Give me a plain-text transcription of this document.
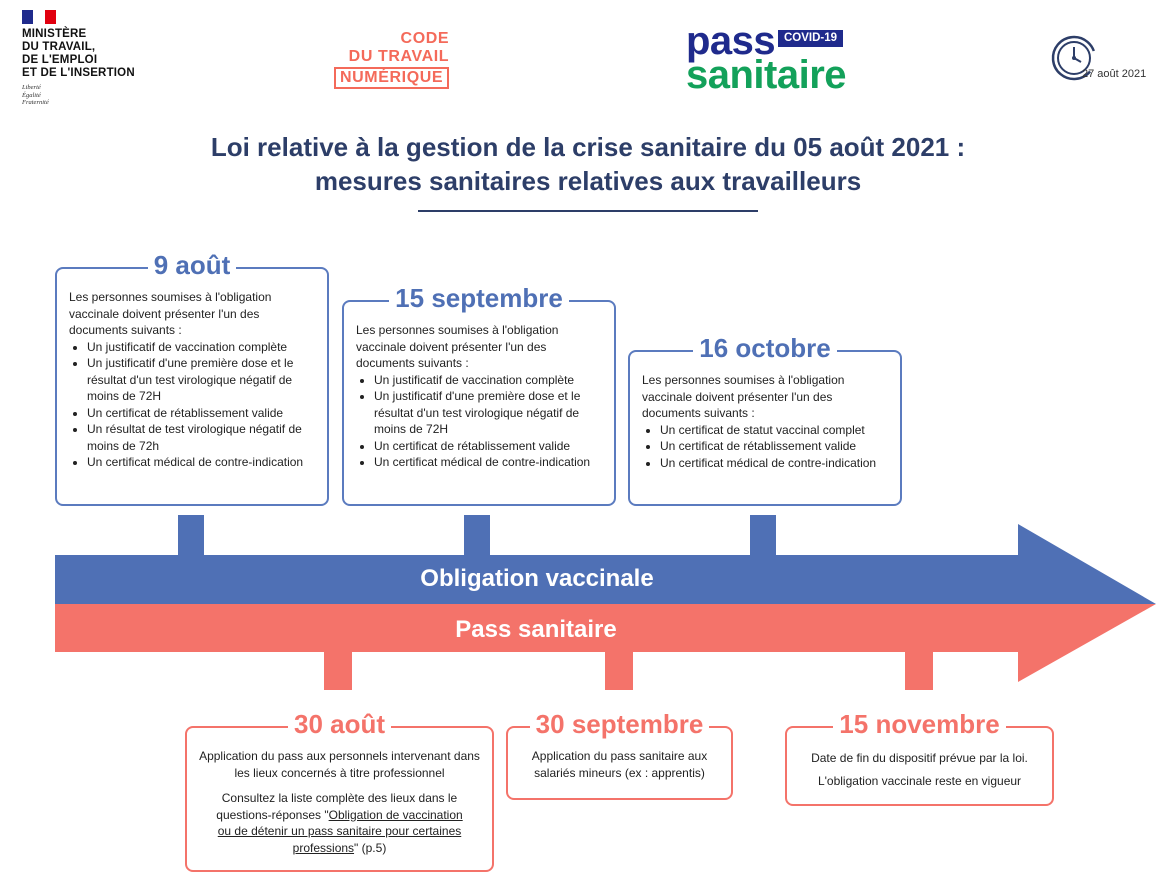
MINISTÈRE
DU TRAVAIL,
DE L'EMPLOI
ET DE L'INSERTION
Liberté
Égalité
Fraternité
CODE
DU TRAVAIL
NUMÉRIQUE
pass COVID-19
sanitaire	27 août 2021
Loi relative à la gestion de la crise sanitaire du 05 août 2021 :
mesures sanitaires relatives aux travailleurs
9 août
Les personnes soumises à l'obligation vaccinale doivent présenter l'un des documents suivants :
• Un justificatif de vaccination complète
• Un justificatif d'une première dose et le résultat d'un test virologique négatif de moins de 72H
• Un certificat de rétablissement valide
• Un résultat de test virologique négatif de moins de 72h
• Un certificat médical de contre-indication
15 septembre
Les personnes soumises à l'obligation vaccinale doivent présenter l'un des documents suivants :
• Un justificatif de vaccination complète
• Un justificatif d'une première dose et le résultat d'un test virologique négatif de moins de 72H
• Un certificat de rétablissement valide
• Un certificat médical de contre-indication
16 octobre
Les personnes soumises à l'obligation vaccinale doivent présenter l'un des documents suivants :
• Un certificat de statut vaccinal complet
• Un certificat de rétablissement valide
• Un certificat médical de contre-indication
Obligation vaccinale
Pass sanitaire
30 août

Application du pass aux personnels intervenant dans les lieux concernés à titre professionnel

Consultez la liste complète des lieux dans le questions-réponses "Obligation de vaccination ou de détenir un pass sanitaire pour certaines professions" (p.5)

30 septembre

Application du pass sanitaire aux salariés mineurs (ex : apprentis)

15 novembre

Date de fin du dispositif prévue par la loi.

L'obligation vaccinale reste en vigueur
